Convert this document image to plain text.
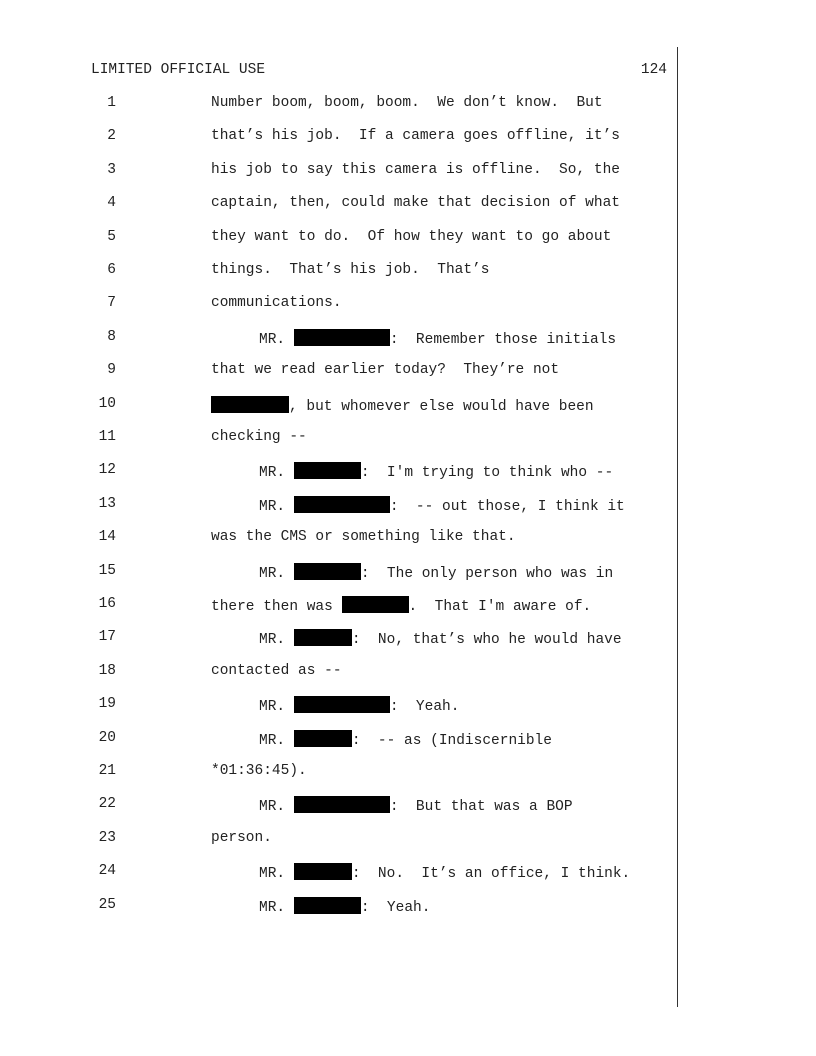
LIMITED OFFICIAL USE	124
1	Number boom, boom, boom.  We don’t know.  But
2	that’s his job.  If a camera goes offline, it’s
3	his job to say this camera is offline.  So, the
4	captain, then, could make that decision of what
5	they want to do.  Of how they want to go about
6	things.  That’s his job.  That’s
7	communications.
8	MR.	:  Remember those initials
9	that we read earlier today?  They’re not
10	, but whomever else would have been
11	checking --
12	MR.	:  I'm trying to think who --
13	MR.	:  -- out those, I think it
14	was the CMS or something like that.
15	MR.	:  The only person who was in
16	there then was	.  That I'm aware of.
17	MR.	:  No, that’s who he would have
18	contacted as --
19	MR.	:  Yeah.
20	MR.	:  -- as (Indiscernible
21	*01:36:45).
22	MR.	:  But that was a BOP
23	person.
24	MR.	:  No.  It’s an office, I think.
25	MR.	:  Yeah.
